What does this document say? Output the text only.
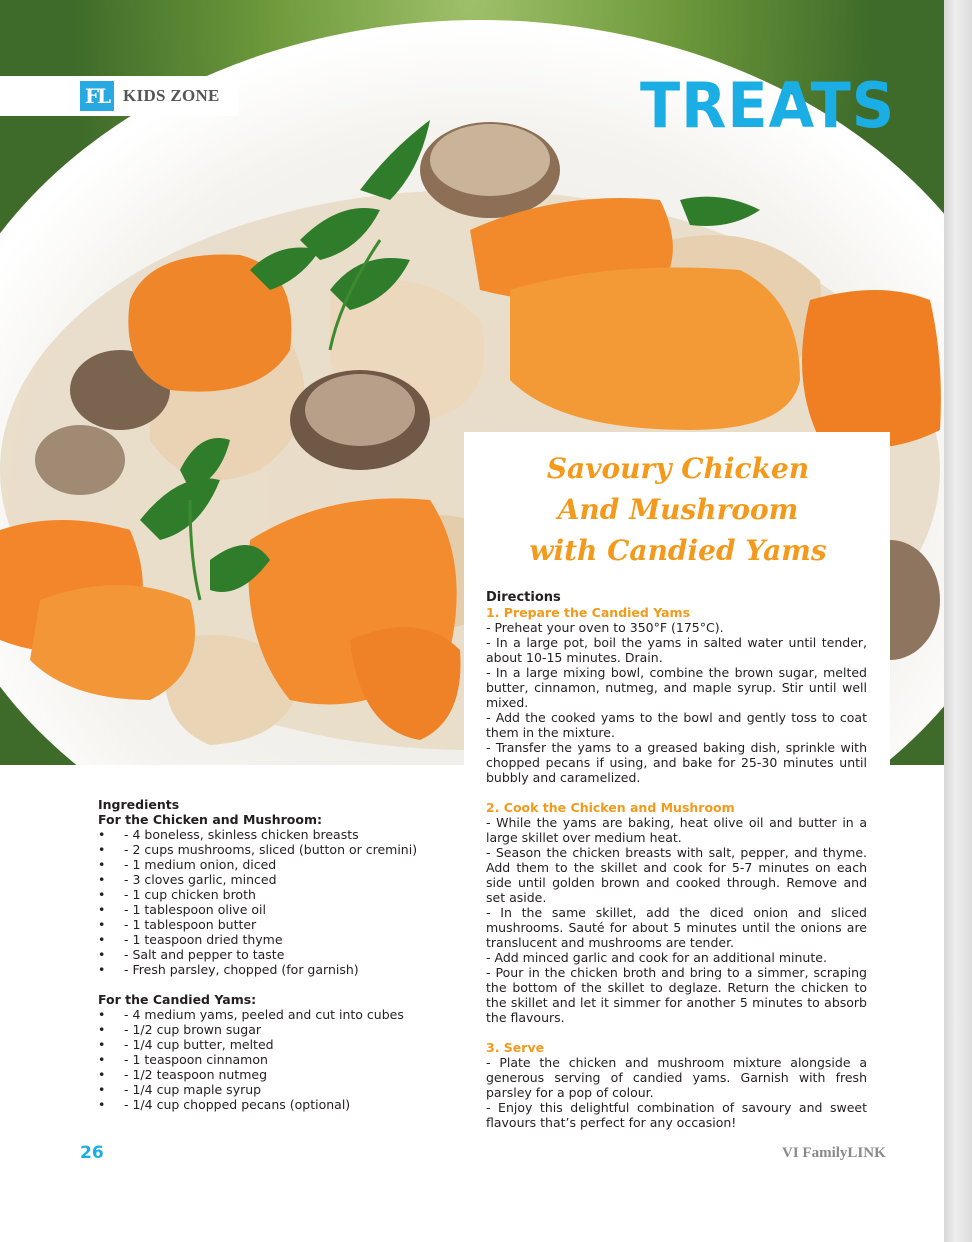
FL KIDS ZONE	TREATS
Savoury Chicken
And Mushroom
with Candied Yams
Directions
1. Prepare the Candied Yams

- Preheat your oven to 350°F (175°C).

- In a large pot, boil the yams in salted water until tender, about 10-15 minutes. Drain.

- In a large mixing bowl, combine the brown sugar, melted butter, cinnamon, nutmeg, and maple syrup. Stir until well mixed.

- Add the cooked yams to the bowl and gently toss to coat them in the mixture.

- Transfer the yams to a greased baking dish, sprinkle with chopped pecans if using, and bake for 25-30 minutes until bubbly and caramelized.

2. Cook the Chicken and Mushroom

- While the yams are baking, heat olive oil and butter in a large skillet over medium heat.

- Season the chicken breasts with salt, pepper, and thyme. Add them to the skillet and cook for 5-7 minutes on each side until golden brown and cooked through. Remove and set aside.

- In the same skillet, add the diced onion and sliced mushrooms. Sauté for about 5 minutes until the onions are translucent and mushrooms are tender.

- Add minced garlic and cook for an additional minute.

- Pour in the chicken broth and bring to a simmer, scraping the bottom of the skillet to deglaze. Return the chicken to the skillet and let it simmer for another 5 minutes to absorb the flavours.

3. Serve

- Plate the chicken and mushroom mixture alongside a generous serving of candied yams. Garnish with fresh parsley for a pop of colour.

- Enjoy this delightful combination of savoury and sweet flavours that’s perfect for any occasion!

Ingredients
For the Chicken and Mushroom:
• - 4 boneless, skinless chicken breasts
• - 2 cups mushrooms, sliced (button or cremini)
• - 1 medium onion, diced
• - 3 cloves garlic, minced
• - 1 cup chicken broth
• - 1 tablespoon olive oil
• - 1 tablespoon butter
• - 1 teaspoon dried thyme
• - Salt and pepper to taste
• - Fresh parsley, chopped (for garnish)
For the Candied Yams:
• - 4 medium yams, peeled and cut into cubes
• - 1/2 cup brown sugar
• - 1/4 cup butter, melted
• - 1 teaspoon cinnamon
• - 1/2 teaspoon nutmeg
• - 1/4 cup maple syrup
• - 1/4 cup chopped pecans (optional)
26	VI FamilyLINK
